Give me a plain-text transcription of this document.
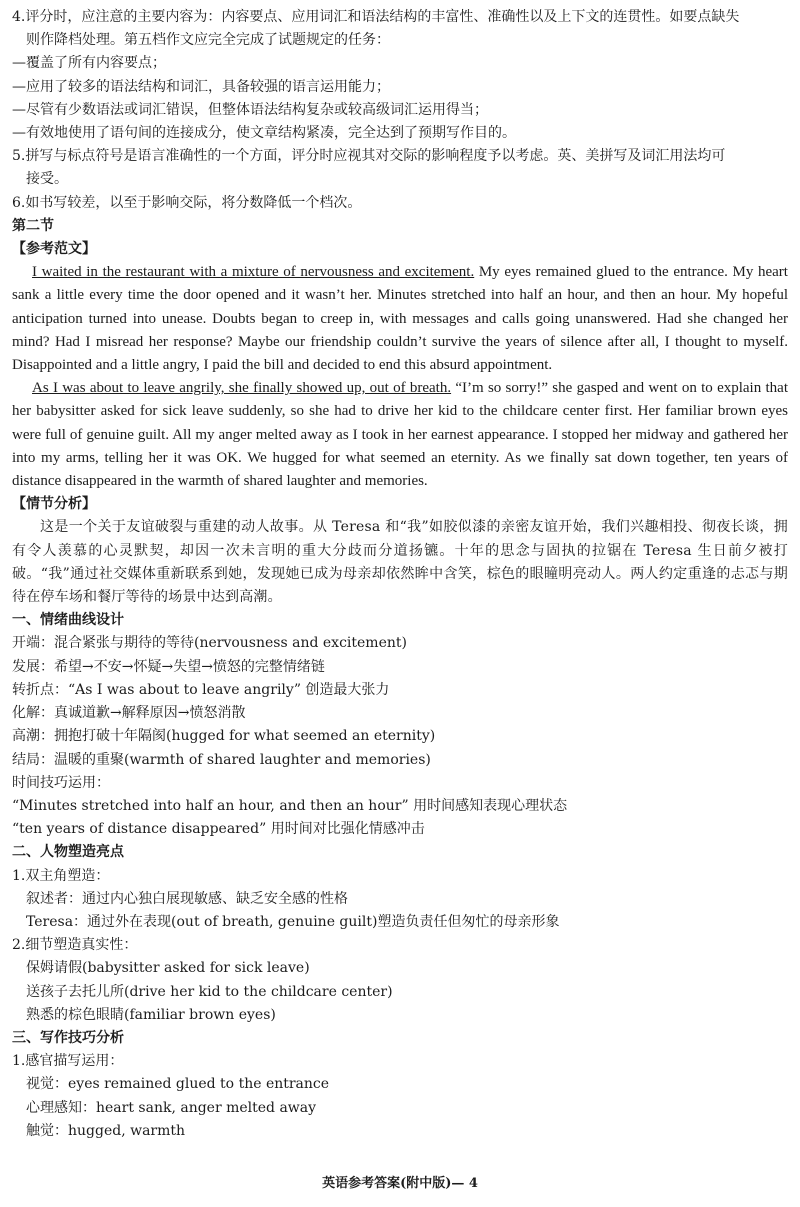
4.评分时，应注意的主要内容为：内容要点、应用词汇和语法结构的丰富性、准确性以及上下文的连贯性。如要点缺失
则作降档处理。第五档作文应完全完成了试题规定的任务：
—覆盖了所有内容要点；
—应用了较多的语法结构和词汇，具备较强的语言运用能力；
—尽管有少数语法或词汇错误，但整体语法结构复杂或较高级词汇运用得当；
—有效地使用了语句间的连接成分，使文章结构紧凑，完全达到了预期写作目的。
5.拼写与标点符号是语言准确性的一个方面，评分时应视其对交际的影响程度予以考虑。英、美拼写及词汇用法均可
接受。
6.如书写较差，以至于影响交际，将分数降低一个档次。
第二节
【参考范文】

I waited in the restaurant with a mixture of nervousness and excitement. My eyes remained glued to the entrance. My heart sank a little every time the door opened and it wasn’t her. Minutes stretched into half an hour, and then an hour. My hopeful anticipation turned into unease. Doubts began to creep in, with messages and calls going unanswered. Had she changed her mind? Had I misread her response? Maybe our friendship couldn’t survive the years of silence after all, I thought to myself. Disappointed and a little angry, I paid the bill and decided to end this absurd appointment.

As I was about to leave angrily, she finally showed up, out of breath. “I’m so sorry!” she gasped and went on to explain that her babysitter asked for sick leave suddenly, so she had to drive her kid to the childcare center first. Her familiar brown eyes were full of genuine guilt. All my anger melted away as I took in her earnest appearance. I stopped her midway and gathered her into my arms, telling her it was OK. We hugged for what seemed an eternity. As we finally sat down together, ten years of distance disappeared in the warmth of shared laughter and memories.

【情节分析】
这是一个关于友谊破裂与重建的动人故事。从 Teresa 和“我”如胶似漆的亲密友谊开始，我们兴趣相投、彻夜长谈，拥有令人羡慕的心灵默契，却因一次未言明的重大分歧而分道扬镳。十年的思念与固执的拉锯在 Teresa 生日前夕被打破。“我”通过社交媒体重新联系到她，发现她已成为母亲却依然眸中含笑，棕色的眼瞳明亮动人。两人约定重逢的忐忑与期待在停车场和餐厅等待的场景中达到高潮。
一、情绪曲线设计
开端：混合紧张与期待的等待(nervousness and excitement)
发展：希望→不安→怀疑→失望→愤怒的完整情绪链
转折点：“As I was about to leave angrily” 创造最大张力
化解：真诚道歉→解释原因→愤怒消散
高潮：拥抱打破十年隔阂(hugged for what seemed an eternity)
结局：温暖的重聚(warmth of shared laughter and memories)
时间技巧运用：
“Minutes stretched into half an hour, and then an hour” 用时间感知表现心理状态
“ten years of distance disappeared” 用时间对比强化情感冲击
二、人物塑造亮点
1.双主角塑造：
叙述者：通过内心独白展现敏感、缺乏安全感的性格
Teresa：通过外在表现(out of breath, genuine guilt)塑造负责任但匆忙的母亲形象
2.细节塑造真实性：
保姆请假(babysitter asked for sick leave)
送孩子去托儿所(drive her kid to the childcare center)
熟悉的棕色眼睛(familiar brown eyes)
三、写作技巧分析
1.感官描写运用：
视觉：eyes remained glued to the entrance
心理感知：heart sank, anger melted away
触觉：hugged, warmth
英语参考答案(附中版)— 4
